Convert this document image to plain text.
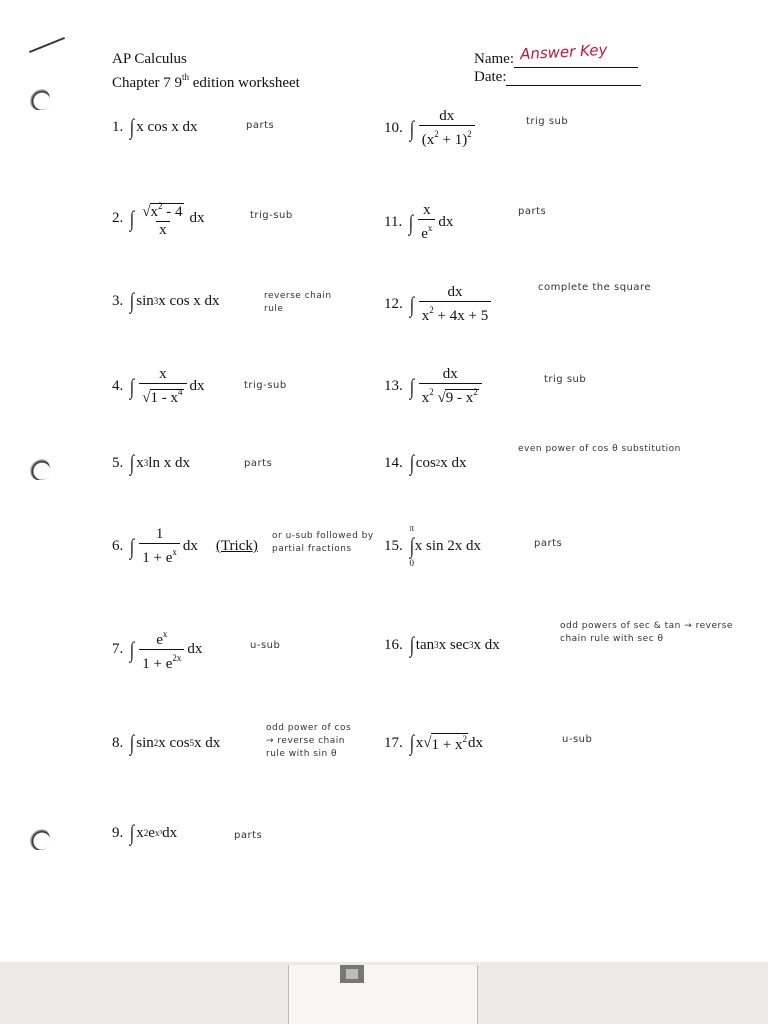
AP Calculus
Chapter 7 9th edition worksheet
Name: Answer Key
Date:
1. ∫ x cos x dx	parts
2. ∫ $\frac{√x^2 - 4}{x}$ dx	trig-sub
3. ∫ sin 3 x cos x dx	reverse chain rule
4. ∫ $\frac{x}{√1 - x^4}$ dx	trig-sub
5. ∫ x 3 ln x dx	parts
6. ∫ $\frac{1}{1 + e^x}$ dx (Trick)
or u-sub followed by partial fractions
7. ∫ $\frac{e^x}{1 + e^{2x}}$ dx	u-sub
8. ∫ sin 2 x cos 5 x dx
odd power of cos → reverse chain rule with sin θ
9. ∫ x 2 e x³ dx	parts
10. ∫ $\frac{dx}{(x^2 + 1)^2}$	trig sub
11. ∫ $\frac{x}{e^x}$ dx
parts
12. ∫ $\frac{dx}{x^2 + 4x + 5}$	complete the square
13. ∫ $\frac{dx}{x^2 √9 - x^2}$	trig sub
14. ∫ cos 2 x dx
even power of cos θ substitution
15.
π
∫
0
x sin 2x dx	parts
16. ∫ tan 3 x sec 3 x dx
odd powers of sec & tan → reverse chain rule with sec θ
17. ∫ x √ $1 + x^2$ dx	u-sub
